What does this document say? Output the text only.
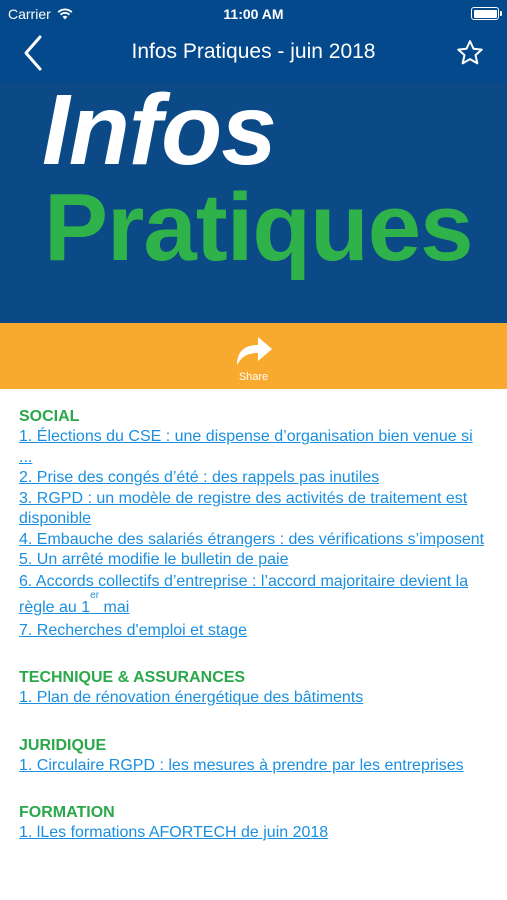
Carrier	11:00 AM
Infos Pratiques - juin 2018
Infos
Pratiques
Share
SOCIAL
1. Élections du CSE : une dispense d’organisation bien venue si ...
2. Prise des congés d’été : des rappels pas inutiles
3. RGPD : un modèle de registre des activités de traitement est disponible
4. Embauche des salariés étrangers : des vérifications s’imposent
5. Un arrêté modifie le bulletin de paie
6. Accords collectifs d’entreprise : l’accord majoritaire devient la règle au 1er mai
7. Recherches d'emploi et stage
TECHNIQUE & ASSURANCES
1. Plan de rénovation énergétique des bâtiments
JURIDIQUE
1. Circulaire RGPD : les mesures à prendre par les entreprises
FORMATION
1. lLes formations AFORTECH de juin 2018
